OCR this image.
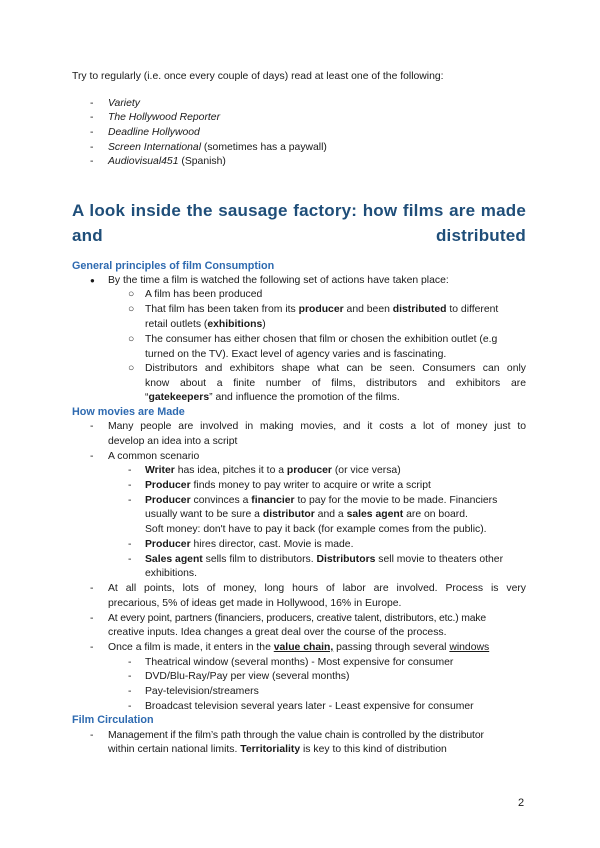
Try to regularly (i.e. once every couple of days) read at least one of the following:
- Variety
- The Hollywood Reporter
- Deadline Hollywood
- Screen International (sometimes has a paywall)
- Audiovisual451 (Spanish)
A look inside the sausage factory: how films are made and distributed
General principles of film Consumption
● By the time a film is watched the following set of actions have taken place:
○ A film has been produced
○ That film has been taken from its producer and been distributed to different
retail outlets (exhibitions)
○ The consumer has either chosen that film or chosen the exhibition outlet (e.g
turned on the TV). Exact level of agency varies and is fascinating.
○ Distributors and exhibitors shape what can be seen. Consumers can only
know about a finite number of films, distributors and exhibitors are
“gatekeepers” and influence the promotion of the films.
How movies are Made
- Many people are involved in making movies, and it costs a lot of money just to
develop an idea into a script
- A common scenario
- Writer has idea, pitches it to a producer (or vice versa)
- Producer finds money to pay writer to acquire or write a script
- Producer convinces a financier to pay for the movie to be made. Financiers
usually want to be sure a distributor and a sales agent are on board.
Soft money: don't have to pay it back (for example comes from the public).
- Producer hires director, cast. Movie is made.
- Sales agent sells film to distributors. Distributors sell movie to theaters other
exhibitions.
- At all points, lots of money, long hours of labor are involved. Process is very
precarious, 5% of ideas get made in Hollywood, 16% in Europe.
- At every point, partners (financiers, producers, creative talent, distributors, etc.) make
creative inputs. Idea changes a great deal over the course of the process.
- Once a film is made, it enters in the value chain, passing through several windows
- Theatrical window (several months) - Most expensive for consumer
- DVD/Blu-Ray/Pay per view (several months)
- Pay-television/streamers
- Broadcast television several years later - Least expensive for consumer
Film Circulation
- Management if the film’s path through the value chain is controlled by the distributor
within certain national limits. Territoriality is key to this kind of distribution
2
